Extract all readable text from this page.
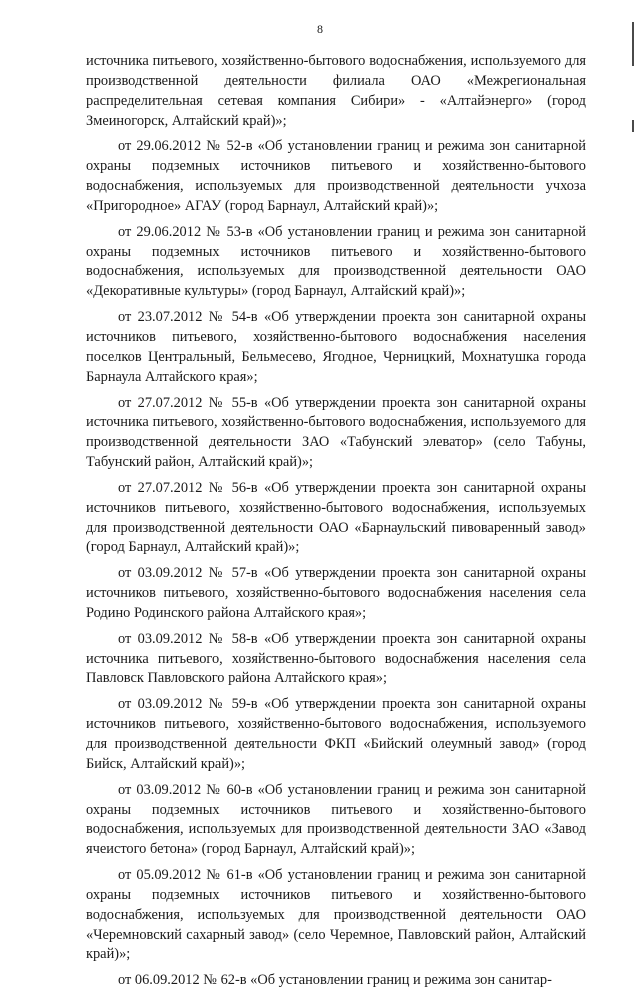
8

источника питьевого, хозяйственно-бытового водоснабжения, используемого для производственной деятельности филиала ОАО «Межрегиональная распределительная сетевая компания Сибири» - «Алтайэнерго» (город Змеиногорск, Алтайский край)»;

от 29.06.2012 № 52-в «Об установлении границ и режима зон санитарной охраны подземных источников питьевого и хозяйственно-бытового водоснабжения, используемых для производственной деятельности учхоза «Пригородное» АГАУ (город Барнаул, Алтайский край)»;

от 29.06.2012 № 53-в «Об установлении границ и режима зон санитарной охраны подземных источников питьевого и хозяйственно-бытового водоснабжения, используемых для производственной деятельности ОАО «Декоративные культуры» (город Барнаул, Алтайский край)»;

от 23.07.2012 № 54-в «Об утверждении проекта зон санитарной охраны источников питьевого, хозяйственно-бытового водоснабжения населения поселков Центральный, Бельмесево, Ягодное, Черницкий, Мохнатушка города Барнаула Алтайского края»;

от 27.07.2012 № 55-в «Об утверждении проекта зон санитарной охраны источника питьевого, хозяйственно-бытового водоснабжения, используемого для производственной деятельности ЗАО «Табунский элеватор» (село Табуны, Табунский район, Алтайский край)»;

от 27.07.2012 № 56-в «Об утверждении проекта зон санитарной охраны источников питьевого, хозяйственно-бытового водоснабжения, используемых для производственной деятельности ОАО «Барнаульский пивоваренный завод» (город Барнаул, Алтайский край)»;

от 03.09.2012 № 57-в «Об утверждении проекта зон санитарной охраны источников питьевого, хозяйственно-бытового водоснабжения населения села Родино Родинского района Алтайского края»;

от 03.09.2012 № 58-в «Об утверждении проекта зон санитарной охраны источника питьевого, хозяйственно-бытового водоснабжения населения села Павловск Павловского района Алтайского края»;

от 03.09.2012 № 59-в «Об утверждении проекта зон санитарной охраны источников питьевого, хозяйственно-бытового водоснабжения, используемого для производственной деятельности ФКП «Бийский олеумный завод» (город Бийск, Алтайский край)»;

от 03.09.2012 № 60-в «Об установлении границ и режима зон санитарной охраны подземных источников питьевого и хозяйственно-бытового водоснабжения, используемых для производственной деятельности ЗАО «Завод ячеистого бетона» (город Барнаул, Алтайский край)»;

от 05.09.2012 № 61-в «Об установлении границ и режима зон санитарной охраны подземных источников питьевого и хозяйственно-бытового водоснабжения, используемых для производственной деятельности ОАО «Черемновский сахарный завод» (село Черемное, Павловский район, Алтайский край)»;

от 06.09.2012 № 62-в «Об установлении границ и режима зон санитар-
